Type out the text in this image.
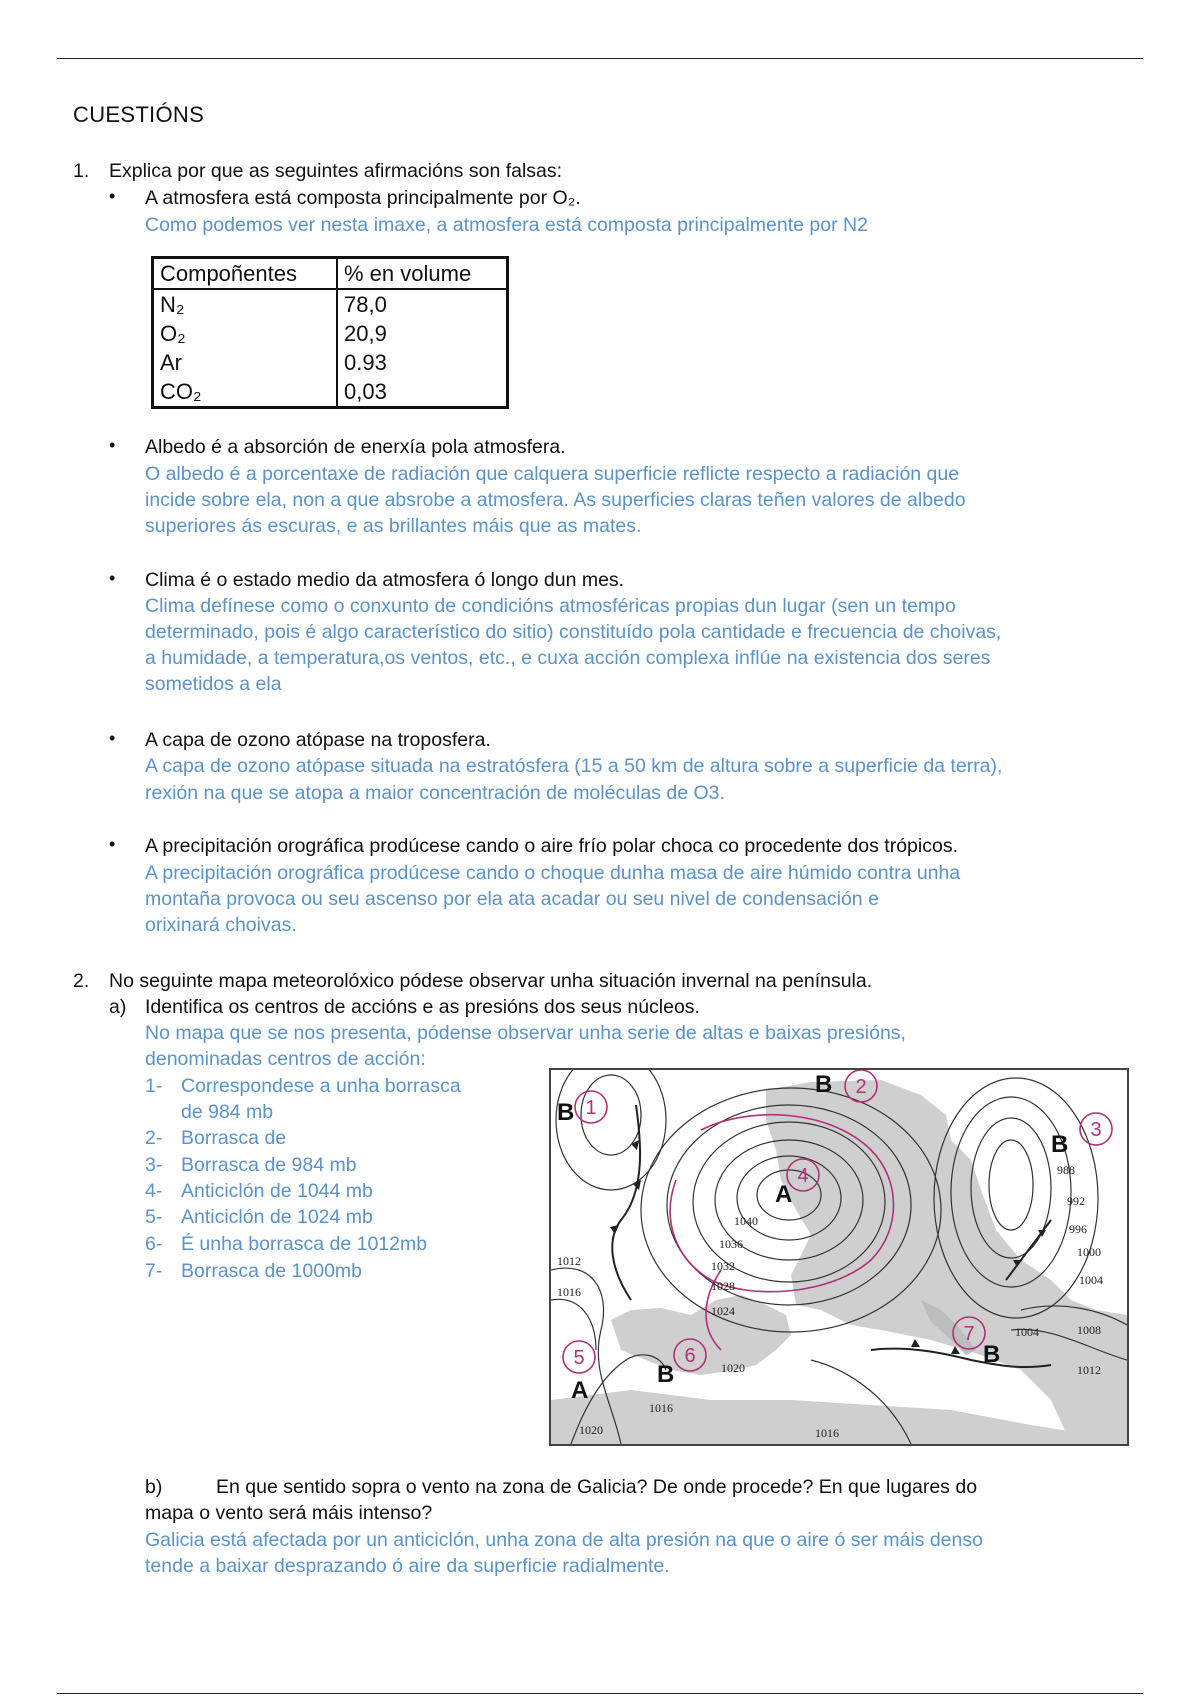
CUESTIÓNS
1. Explica por que as seguintes afirmacións son falsas:
• A atmosfera está composta principalmente por O₂.
Como podemos ver nesta imaxe, a atmosfera está composta principalmente por N2
Compoñentes	% en volume
N₂	78,0
O₂	20,9
Ar	0.93
CO₂	0,03
• Albedo é a absorción de enerxía pola atmosfera.
O albedo é a porcentaxe de radiación que calquera superficie reflicte respecto a radiación que
incide sobre ela, non a que absrobe a atmosfera. As superficies claras teñen valores de albedo
superiores ás escuras, e as brillantes máis que as mates.
• Clima é o estado medio da atmosfera ó longo dun mes.
Clima defínese como o conxunto de condicións atmosféricas propias dun lugar (sen un tempo
determinado, pois é algo característico do sitio) constituído pola cantidade e frecuencia de choivas,
a humidade, a temperatura,os ventos, etc., e cuxa acción complexa inflúe na existencia dos seres
sometidos a ela
• A capa de ozono atópase na troposfera.
A capa de ozono atópase situada na estratósfera (15 a 50 km de altura sobre a superficie da terra),
rexión na que se atopa a maior concentración de moléculas de O3.
• A precipitación orográfica prodúcese cando o aire frío polar choca co procedente dos trópicos.
A precipitación orográfica prodúcese cando o choque dunha masa de aire húmido contra unha
montaña provoca ou seu ascenso por ela ata acadar ou seu nivel de condensación e
orixinará choivas.
2. No seguinte mapa meteorolóxico pódese observar unha situación invernal na península.
a) Identifica os centros de accións e as presións dos seus núcleos.
No mapa que se nos presenta, pódense observar unha serie de altas e baixas presións,
denominadas centros de acción:
1- Correspondese a unha borrasca
de 984 mb
2- Borrasca de
3- Borrasca de 984 mb
4- Anticiclón de 1044 mb
5- Anticiclón de 1024 mb
6- É unha borrasca de 1012mb
7- Borrasca de 1000mb
B
B
B
A
A
B
B
1
2
3
4
5	6
7
1040
1036
1032
1028
1024
1020
1016
1012
1016
1020	1016
988
992
996
1000
1004
1004	1008
1012
b)	En que sentido sopra o vento na zona de Galicia? De onde procede? En que lugares do
mapa o vento será máis intenso?
Galicia está afectada por un anticiclón, unha zona de alta presión na que o aire ó ser máis denso
tende a baixar desprazando ó aire da superficie radialmente.
